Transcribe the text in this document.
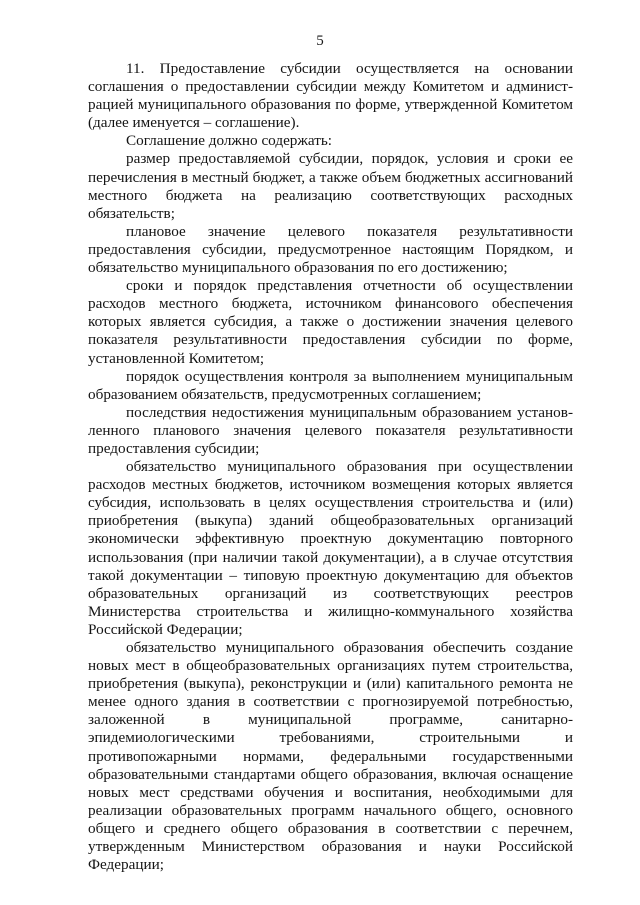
5

11. Предоставление субсидии осуществляется на основании соглашения о предоставлении субсидии между Комитетом и администрацией муниципального образования по форме, утвержденной Комитетом (далее именуется – соглашение).

Соглашение должно содержать:

размер предоставляемой субсидии, порядок, условия и сроки ее перечисления в местный бюджет, а также объем бюджетных ассигнований местного бюджета на реализацию соответствующих расходных обязательств;

плановое значение целевого показателя результативности предоставления субсидии, предусмотренное настоящим Порядком, и обязательство муниципального образования по его достижению;

сроки и порядок представления отчетности об осуществлении расходов местного бюджета, источником финансового обеспечения которых является субсидия, а также о достижении значения целевого показателя результативности предоставления субсидии по форме, установленной Комитетом;

порядок осуществления контроля за выполнением муниципальным образованием обязательств, предусмотренных соглашением;

последствия недостижения муниципальным образованием установленного планового значения целевого показателя результативности предоставления субсидии;

обязательство муниципального образования при осуществлении расходов местных бюджетов, источником возмещения которых является субсидия, использовать в целях осуществления строительства и (или) приобретения (выкупа) зданий общеобразовательных организаций экономически эффективную проектную документацию повторного использования (при наличии такой документации), а в случае отсутствия такой документации – типовую проектную документацию для объектов образовательных организаций из соответствующих реестров Министерства строительства и жилищно-коммунального хозяйства Российской Федерации;

обязательство муниципального образования обеспечить создание новых мест в общеобразовательных организациях путем строительства, приобретения (выкупа), реконструкции и (или) капитального ремонта не менее одного здания в соответствии с прогнозируемой потребностью, заложенной в муниципальной программе, санитарно-эпидемиологическими требованиями, строительными и противопожарными нормами, федеральными государственными образовательными стандартами общего образования, включая оснащение новых мест средствами обучения и воспитания, необходимыми для реализации образовательных программ начального общего, основного общего и среднего общего образования в соответствии с перечнем, утвержденным Министерством образования и науки Российской Федерации;
